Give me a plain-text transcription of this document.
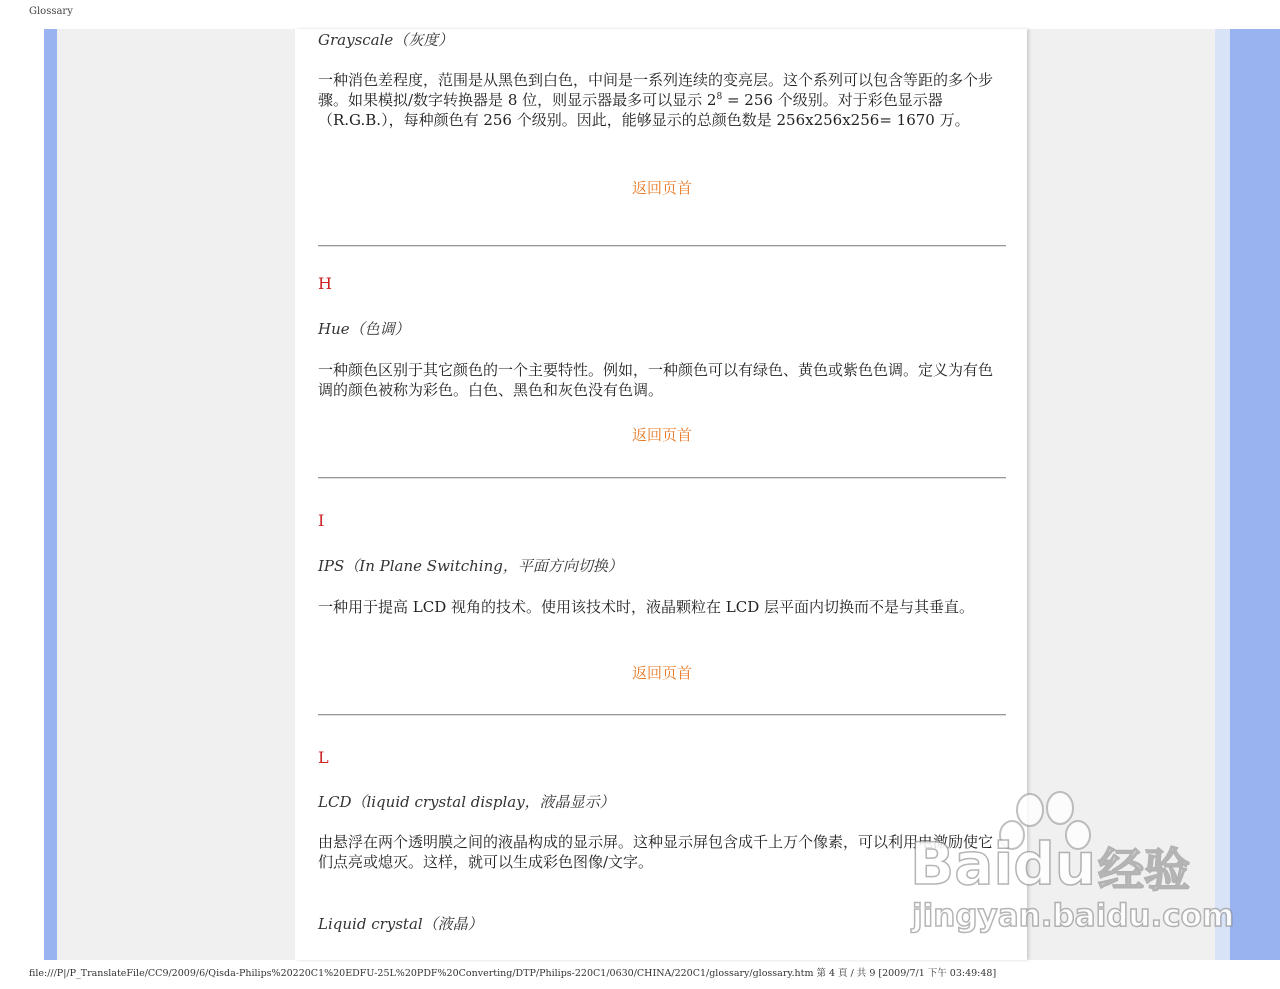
Glossary
Grayscale（灰度）
一种消色差程度，范围是从黑色到白色，中间是一系列连续的变亮层。这个系列可以包含等距的多个步骤。如果模拟/数字转换器是 8 位，则显示器最多可以显示 $2^8 = 256$ 个级别。对于彩色显示器（R.G.B.），每种颜色有 256 个级别。因此，能够显示的总颜色数是 256x256x256= 1670 万。
返回页首
H
Hue（色调）
一种颜色区别于其它颜色的一个主要特性。例如，一种颜色可以有绿色、黄色或紫色色调。定义为有色调的颜色被称为彩色。白色、黑色和灰色没有色调。
返回页首
I
IPS（In Plane Switching，平面方向切换）
一种用于提高 LCD 视角的技术。使用该技术时，液晶颗粒在 LCD 层平面内切换而不是与其垂直。
返回页首
L
LCD（liquid crystal display，液晶显示）
由悬浮在两个透明膜之间的液晶构成的显示屏。这种显示屏包含成千上万个像素，可以利用电激励使它们点亮或熄灭。这样，就可以生成彩色图像/文字。
Liquid crystal（液晶）
Baidu 经验
jingyan.baidu.com
file:///P|/P_TranslateFile/CC9/2009/6/Qisda-Philips%20220C1%20EDFU-25L%20PDF%20Converting/DTP/Philips-220C1/0630/CHINA/220C1/glossary/glossary.htm 第 4 頁 / 共 9 [2009/7/1 下午 03:49:48]
